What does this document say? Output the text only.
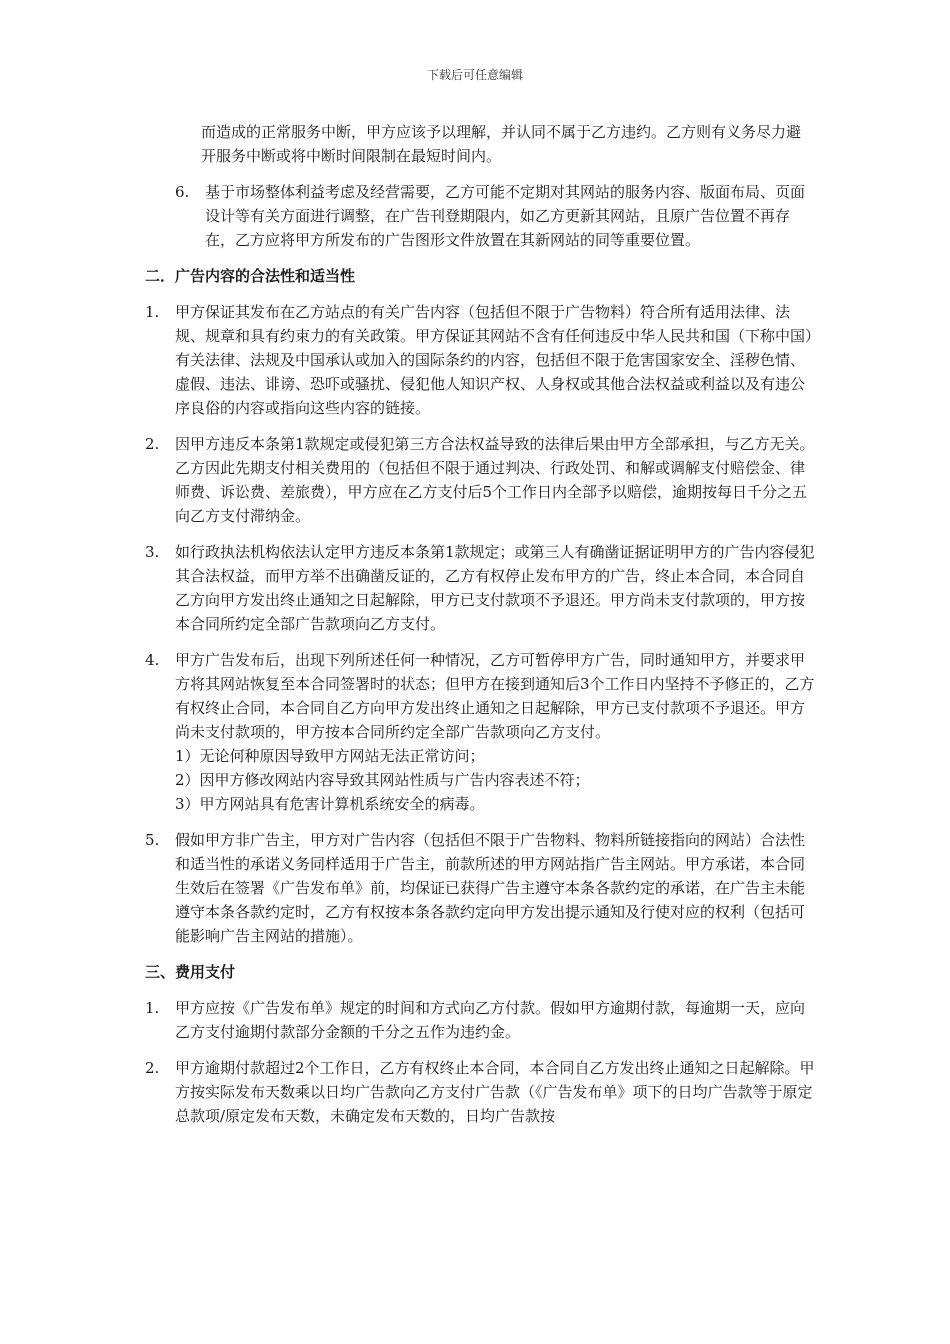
下载后可任意编辑

而造成的正常服务中断，甲方应该予以理解，并认同不属于乙方违约。乙方则有义务尽力避开服务中断或将中断时间限制在最短时间内。

6. 基于市场整体利益考虑及经营需要，乙方可能不定期对其网站的服务内容、版面布局、页面设计等有关方面进行调整，在广告刊登期限内，如乙方更新其网站，且原广告位置不再存在，乙方应将甲方所发布的广告图形文件放置在其新网站的同等重要位置。
二．广告内容的合法性和适当性
1. 甲方保证其发布在乙方站点的有关广告内容（包括但不限于广告物料）符合所有适用法律、法规、规章和具有约束力的有关政策。甲方保证其网站不含有任何违反中华人民共和国（下称中国）有关法律、法规及中国承认或加入的国际条约的内容，包括但不限于危害国家安全、淫秽色情、虚假、违法、诽谤、恐吓或骚扰、侵犯他人知识产权、人身权或其他合法权益或利益以及有违公序良俗的内容或指向这些内容的链接。
2. 因甲方违反本条第1款规定或侵犯第三方合法权益导致的法律后果由甲方全部承担，与乙方无关。乙方因此先期支付相关费用的（包括但不限于通过判决、行政处罚、和解或调解支付赔偿金、律师费、诉讼费、差旅费），甲方应在乙方支付后5个工作日内全部予以赔偿，逾期按每日千分之五向乙方支付滞纳金。
3. 如行政执法机构依法认定甲方违反本条第1款规定；或第三人有确凿证据证明甲方的广告内容侵犯其合法权益，而甲方举不出确凿反证的，乙方有权停止发布甲方的广告，终止本合同，本合同自乙方向甲方发出终止通知之日起解除，甲方已支付款项不予退还。甲方尚未支付款项的，甲方按本合同所约定全部广告款项向乙方支付。
4. 甲方广告发布后，出现下列所述任何一种情况，乙方可暂停甲方广告，同时通知甲方，并要求甲方将其网站恢复至本合同签署时的状态；但甲方在接到通知后3个工作日内坚持不予修正的，乙方有权终止合同，本合同自乙方向甲方发出终止通知之日起解除，甲方已支付款项不予退还。甲方尚未支付款项的，甲方按本合同所约定全部广告款项向乙方支付。
1）无论何种原因导致甲方网站无法正常访问；
2）因甲方修改网站内容导致其网站性质与广告内容表述不符；
3）甲方网站具有危害计算机系统安全的病毒。
5. 假如甲方非广告主，甲方对广告内容（包括但不限于广告物料、物料所链接指向的网站）合法性和适当性的承诺义务同样适用于广告主，前款所述的甲方网站指广告主网站。甲方承诺，本合同生效后在签署《广告发布单》前，均保证已获得广告主遵守本条各款约定的承诺，在广告主未能遵守本条各款约定时，乙方有权按本条各款约定向甲方发出提示通知及行使对应的权利（包括可能影响广告主网站的措施）。
三、费用支付
1. 甲方应按《广告发布单》规定的时间和方式向乙方付款。假如甲方逾期付款，每逾期一天，应向乙方支付逾期付款部分金额的千分之五作为违约金。
2. 甲方逾期付款超过2个工作日，乙方有权终止本合同，本合同自乙方发出终止通知之日起解除。甲方按实际发布天数乘以日均广告款向乙方支付广告款（《广告发布单》项下的日均广告款等于原定总款项/原定发布天数，未确定发布天数的，日均广告款按
